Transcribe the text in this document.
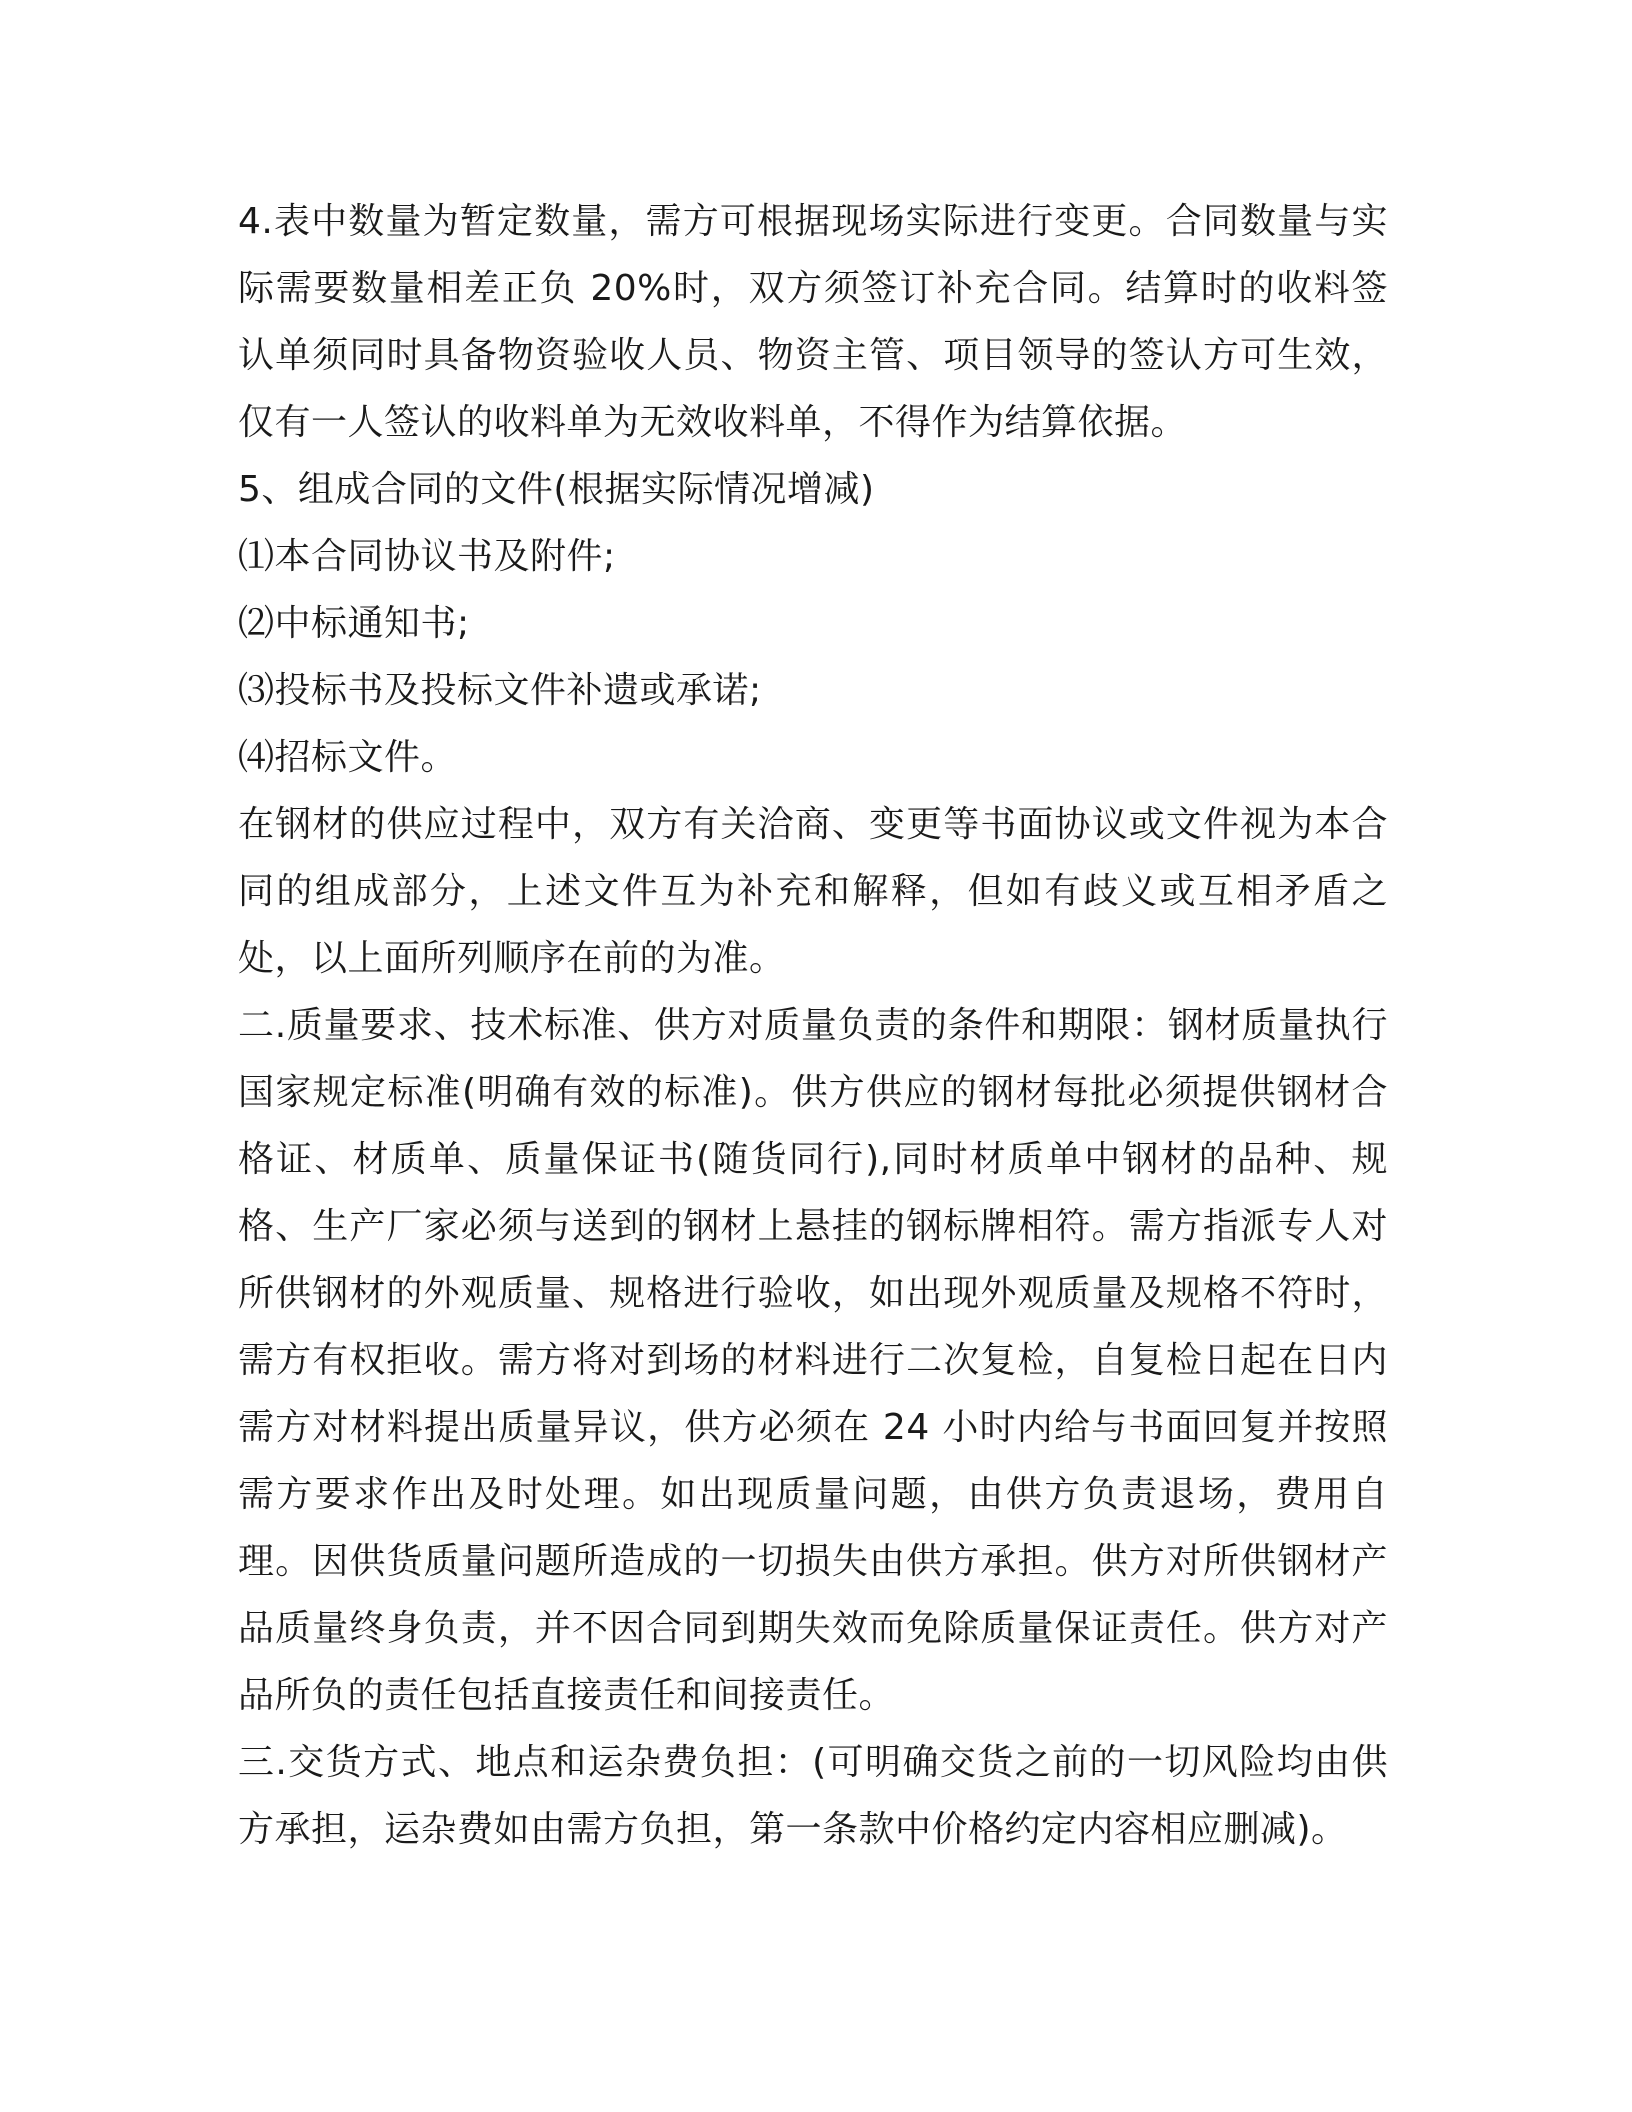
4.表中数量为暂定数量，需方可根据现场实际进行变更。合同数量与实际需要数量相差正负 20%时，双方须签订补充合同。结算时的收料签认单须同时具备物资验收人员、物资主管、项目领导的签认方可生效，仅有一人签认的收料单为无效收料单，不得作为结算依据。

5、组成合同的文件(根据实际情况增减)

⑴本合同协议书及附件;

⑵中标通知书;

⑶投标书及投标文件补遗或承诺;

⑷招标文件。

在钢材的供应过程中，双方有关洽商、变更等书面协议或文件视为本合同的组成部分，上述文件互为补充和解释，但如有歧义或互相矛盾之处，以上面所列顺序在前的为准。

二.质量要求、技术标准、供方对质量负责的条件和期限：钢材质量执行国家规定标准(明确有效的标准)。供方供应的钢材每批必须提供钢材合格证、材质单、质量保证书(随货同行),同时材质单中钢材的品种、规格、生产厂家必须与送到的钢材上悬挂的钢标牌相符。需方指派专人对所供钢材的外观质量、规格进行验收，如出现外观质量及规格不符时，需方有权拒收。需方将对到场的材料进行二次复检，自复检日起在日内需方对材料提出质量异议，供方必须在 24 小时内给与书面回复并按照需方要求作出及时处理。如出现质量问题，由供方负责退场，费用自理。因供货质量问题所造成的一切损失由供方承担。供方对所供钢材产品质量终身负责，并不因合同到期失效而免除质量保证责任。供方对产品所负的责任包括直接责任和间接责任。

三.交货方式、地点和运杂费负担：(可明确交货之前的一切风险均由供方承担，运杂费如由需方负担，第一条款中价格约定内容相应删减)。
